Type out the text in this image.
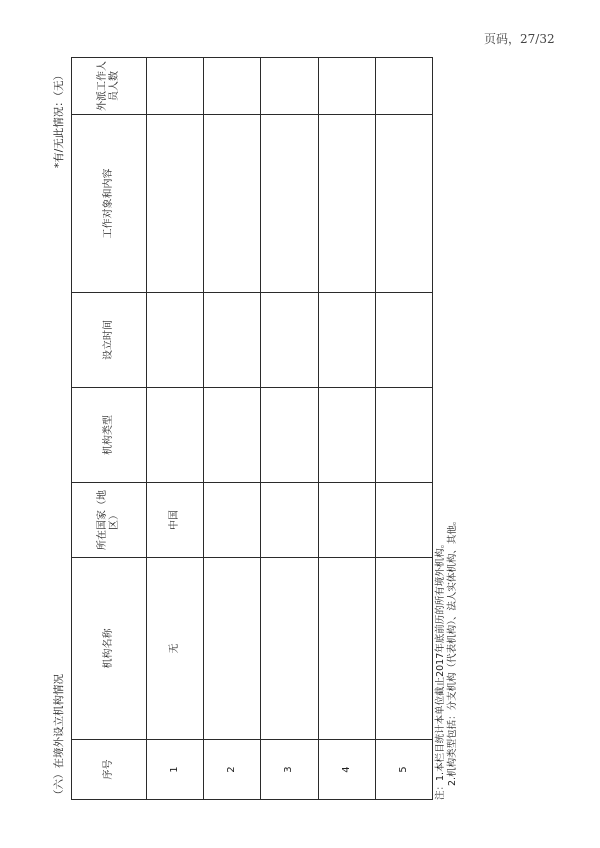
页码，27/32
（六）在境外设立机构情况
*有/无此情况：（无）
序号	机构名称	所在国家（地区）	机构类型	设立时间	工作对象和内容	外派工作人员人数
1	无	中国				
2						
3						
4						
5							注：1.本栏目统计本单位截止2017年底前历的所有境外机构。 2.机构类型包括：分支机构（代表机构）、法人实体机构、其他。
